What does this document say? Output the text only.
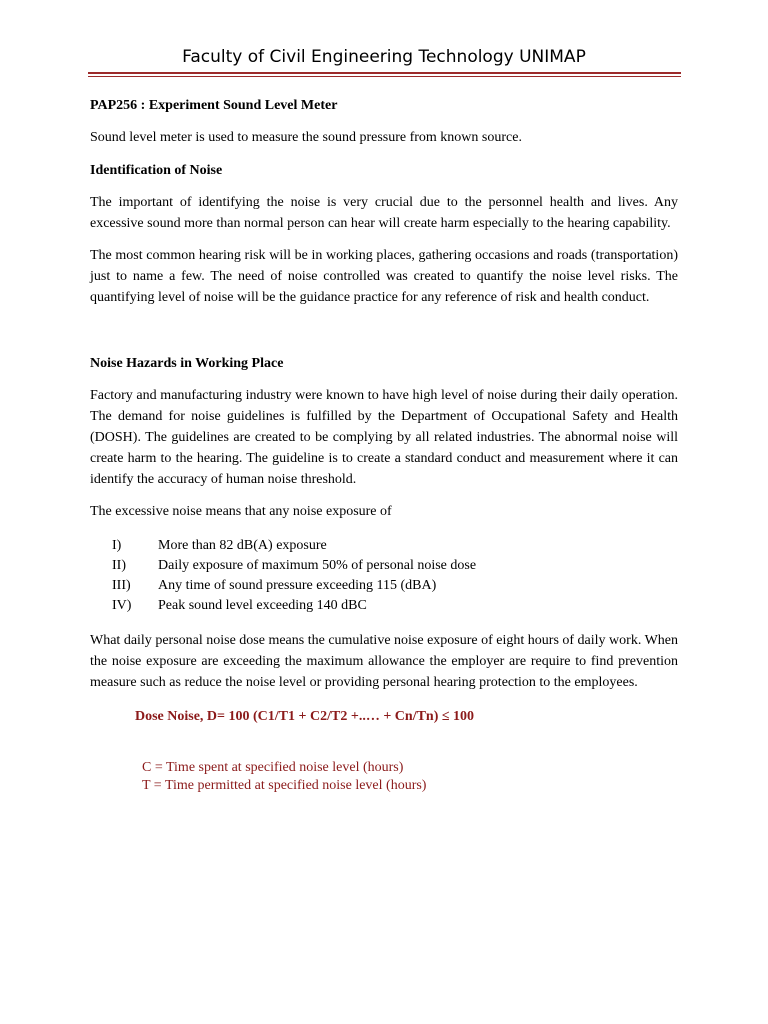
Faculty of Civil Engineering Technology UNIMAP

PAP256 : Experiment Sound Level Meter

Sound level meter is used to measure the sound pressure from known source.

Identification of Noise

The important of identifying the noise is very crucial due to the personnel health and lives. Any excessive sound more than normal person can hear will create harm especially to the hearing capability.

The most common hearing risk will be in working places, gathering occasions and roads (transportation) just to name a few. The need of noise controlled was created to quantify the noise level risks. The quantifying level of noise will be the guidance practice for any reference of risk and health conduct.

Noise Hazards in Working Place

Factory and manufacturing industry were known to have high level of noise during their daily operation. The demand for noise guidelines is fulfilled by the Department of Occupational Safety and Health (DOSH). The guidelines are created to be complying by all related industries. The abnormal noise will create harm to the hearing. The guideline is to create a standard conduct and measurement where it can identify the accuracy of human noise threshold.

The excessive noise means that any noise exposure of

I)	More than 82 dB(A) exposure
II)	Daily exposure of maximum 50% of personal noise dose
III)	Any time of sound pressure exceeding 115 (dBA)
IV)	Peak sound level exceeding 140 dBC

What daily personal noise dose means the cumulative noise exposure of eight hours of daily work. When the noise exposure are exceeding the maximum allowance the employer are require to find prevention measure such as reduce the noise level or providing personal hearing protection to the employees.

Dose Noise, D= 100 (C1/T1 + C2/T2 +..… + Cn/Tn) ≤ 100

C = Time spent at specified noise level (hours)

T = Time permitted at specified noise level (hours)
